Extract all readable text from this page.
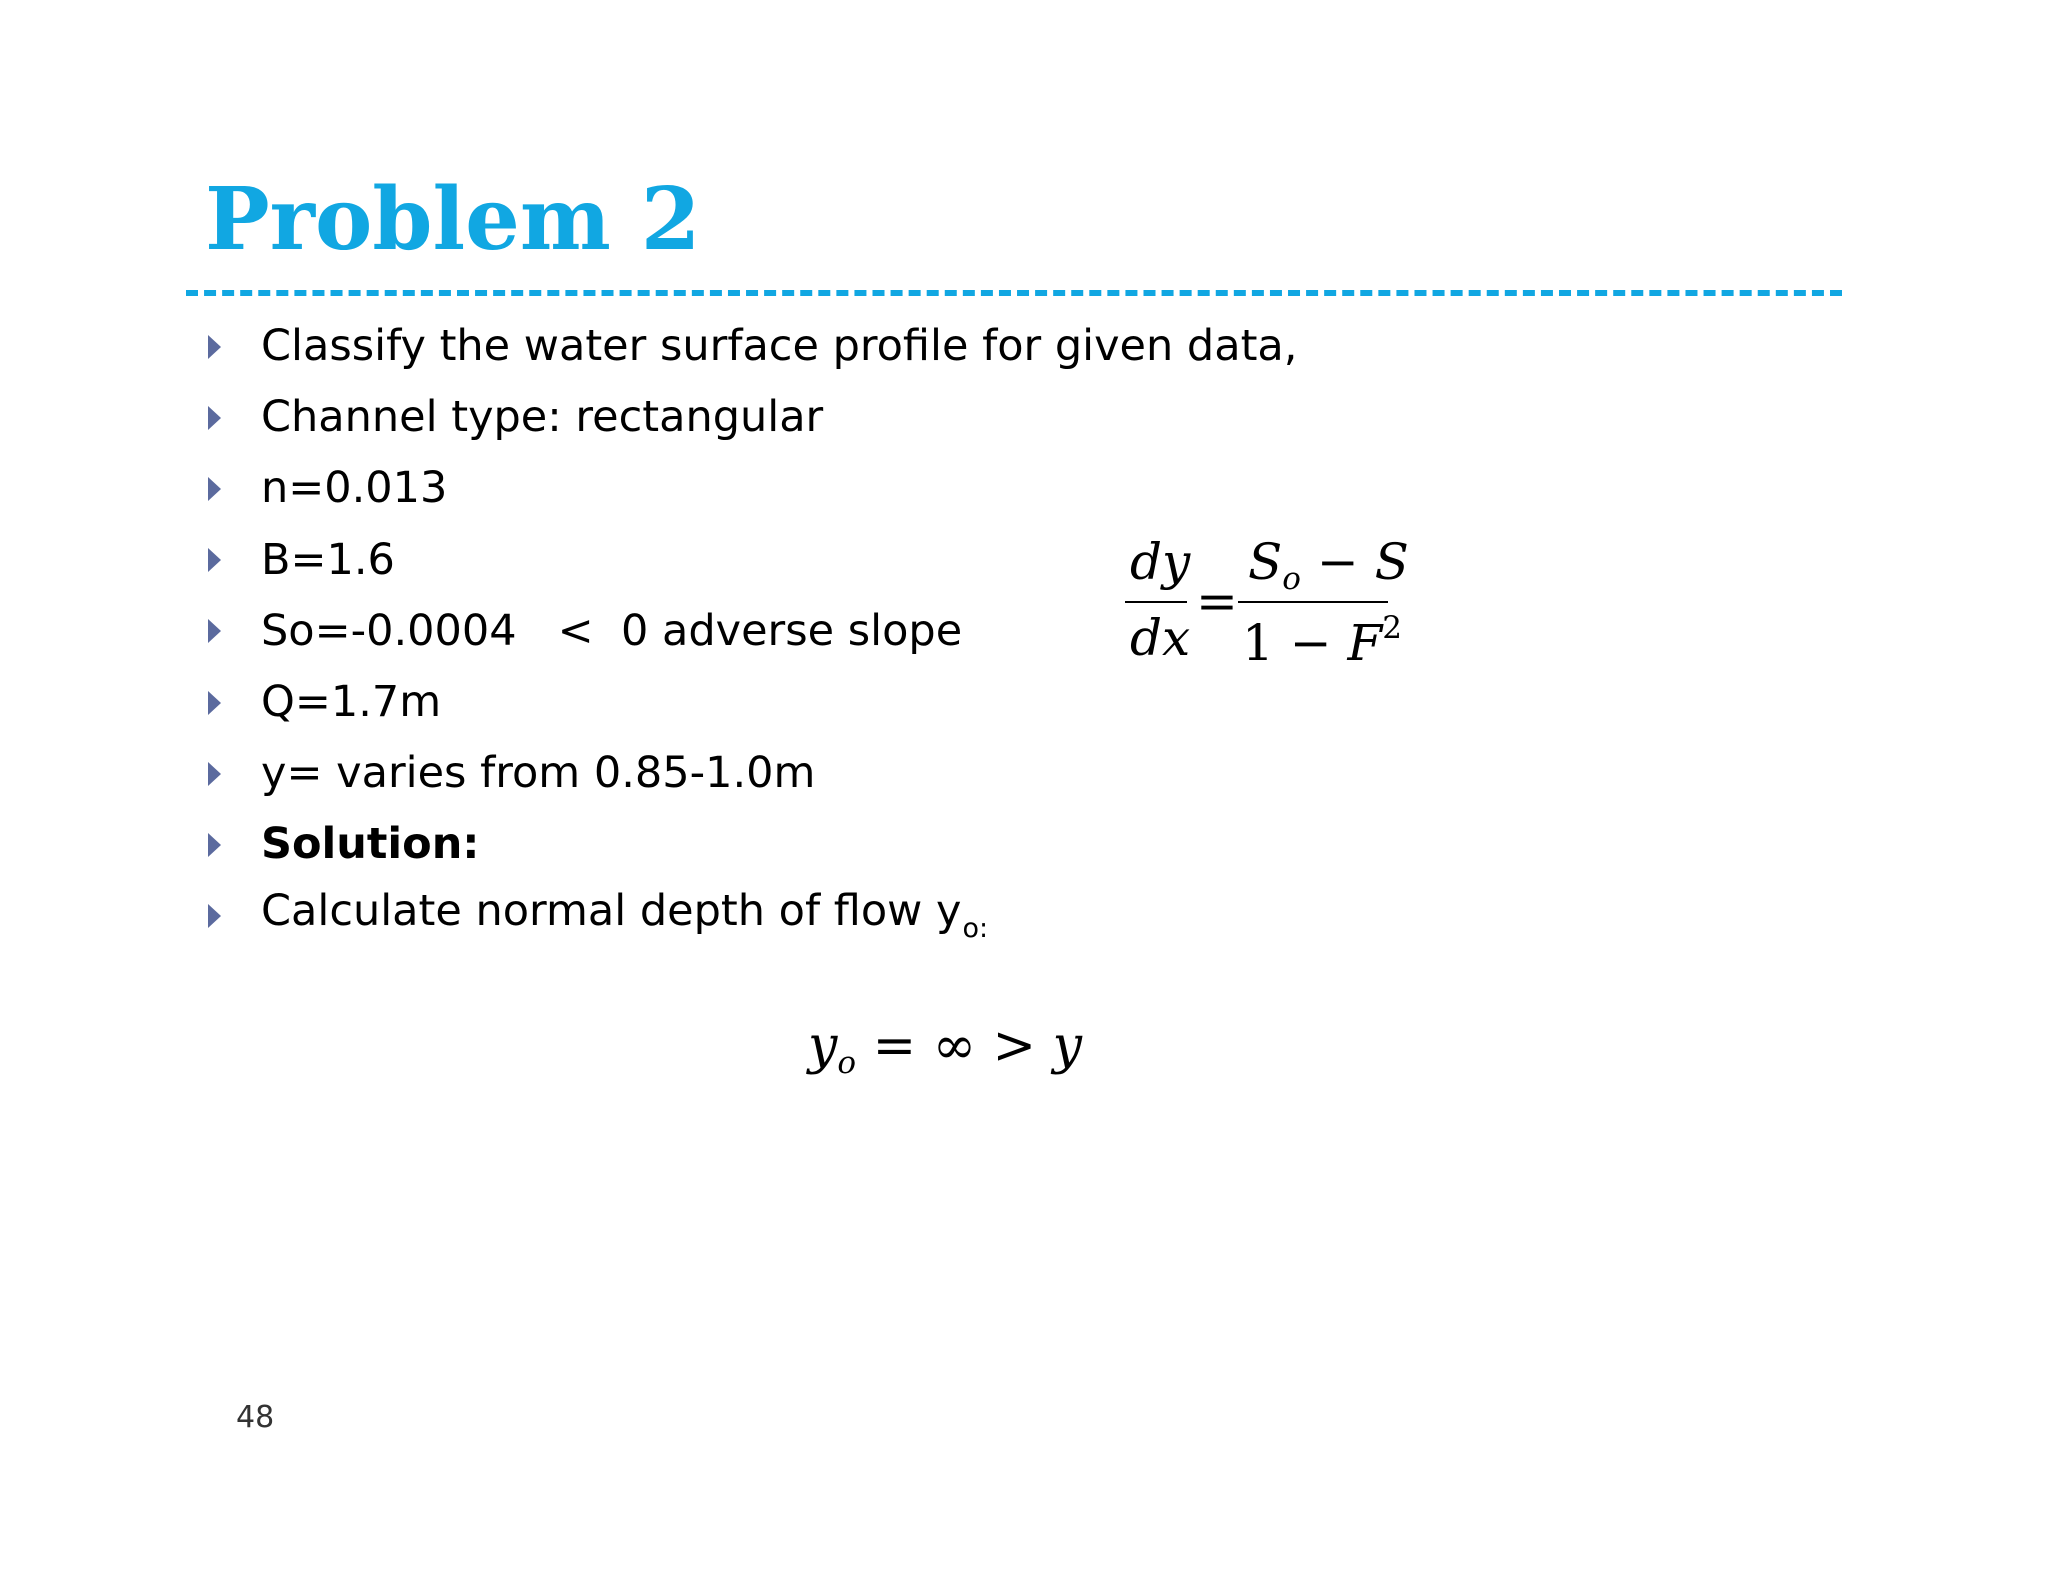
Problem 2
Classify the water surface profile for given data,
Channel type: rectangular
n=0.013
B=1.6
So=-0.0004   <  0 adverse slope
Q=1.7m
y= varies from 0.85-1.0m
Solution:
Calculate normal depth of flow $y_{o:}$
dy
dx
=
$S_o - S$
$1 - F^2$
yo = ∞ > y

48
